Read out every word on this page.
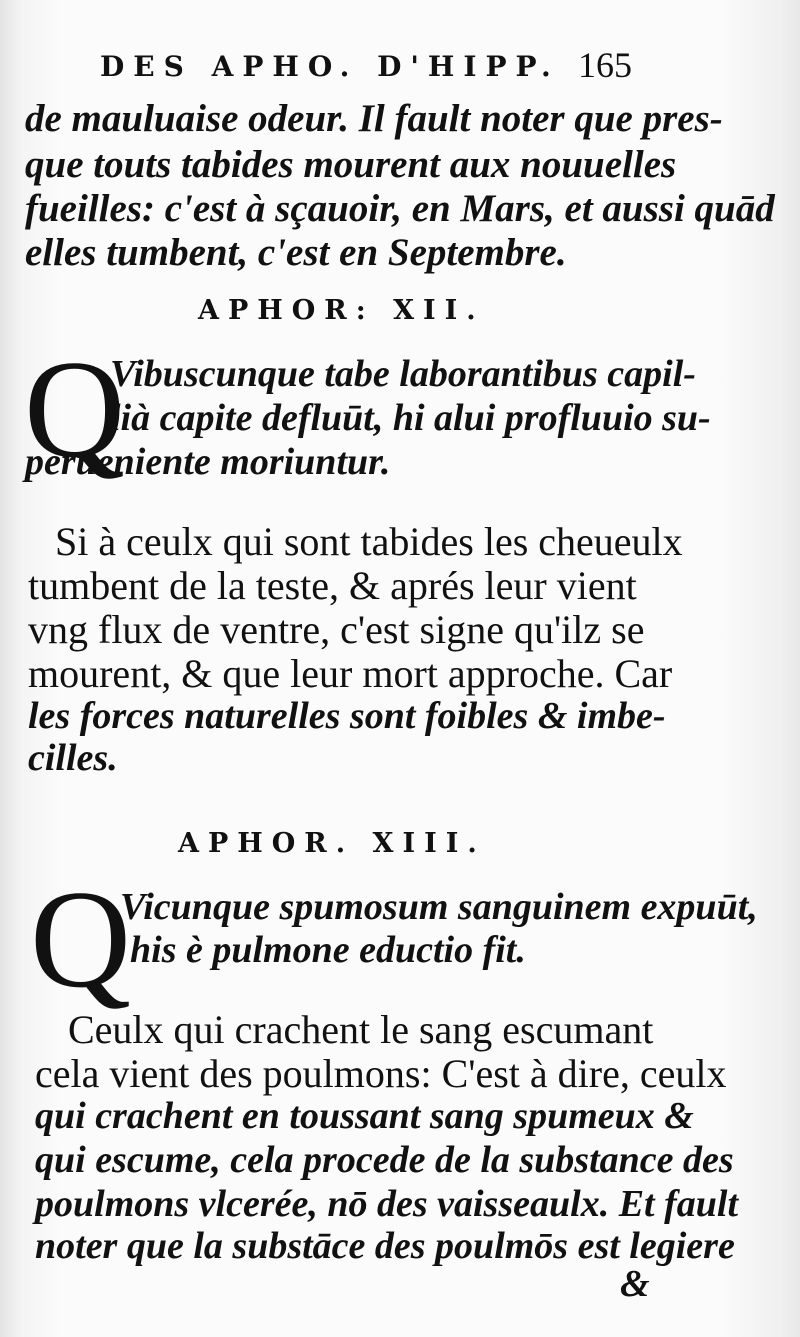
DES APHO. D'HIPP. 165
de mauluaise odeur. Il fault noter que pres-
que touts tabides mourent aux nouuelles
fueilles: c'est à sçauoir, en Mars, et aussi quād
elles tumbent, c'est en Septembre.
APHOR: XII.
Q
Vibuscunque tabe laborantibus capil-
lià capite defluūt, hi alui profluuio su-
perueniente moriuntur.
Si à ceulx qui sont tabides les cheueulx
tumbent de la teste, & aprés leur vient
vng flux de ventre, c'est signe qu'ilz se
mourent, & que leur mort approche. Car
les forces naturelles sont foibles & imbe-
cilles.
APHOR. XIII.
Q
Vicunque spumosum sanguinem expuūt,
his è pulmone eductio fit.
Ceulx qui crachent le sang escumant
cela vient des poulmons: C'est à dire, ceulx
qui crachent en toussant sang spumeux &
qui escume, cela procede de la substance des
poulmons vlcerée, nō des vaisseaulx. Et fault
noter que la substāce des poulmōs est legiere
&
